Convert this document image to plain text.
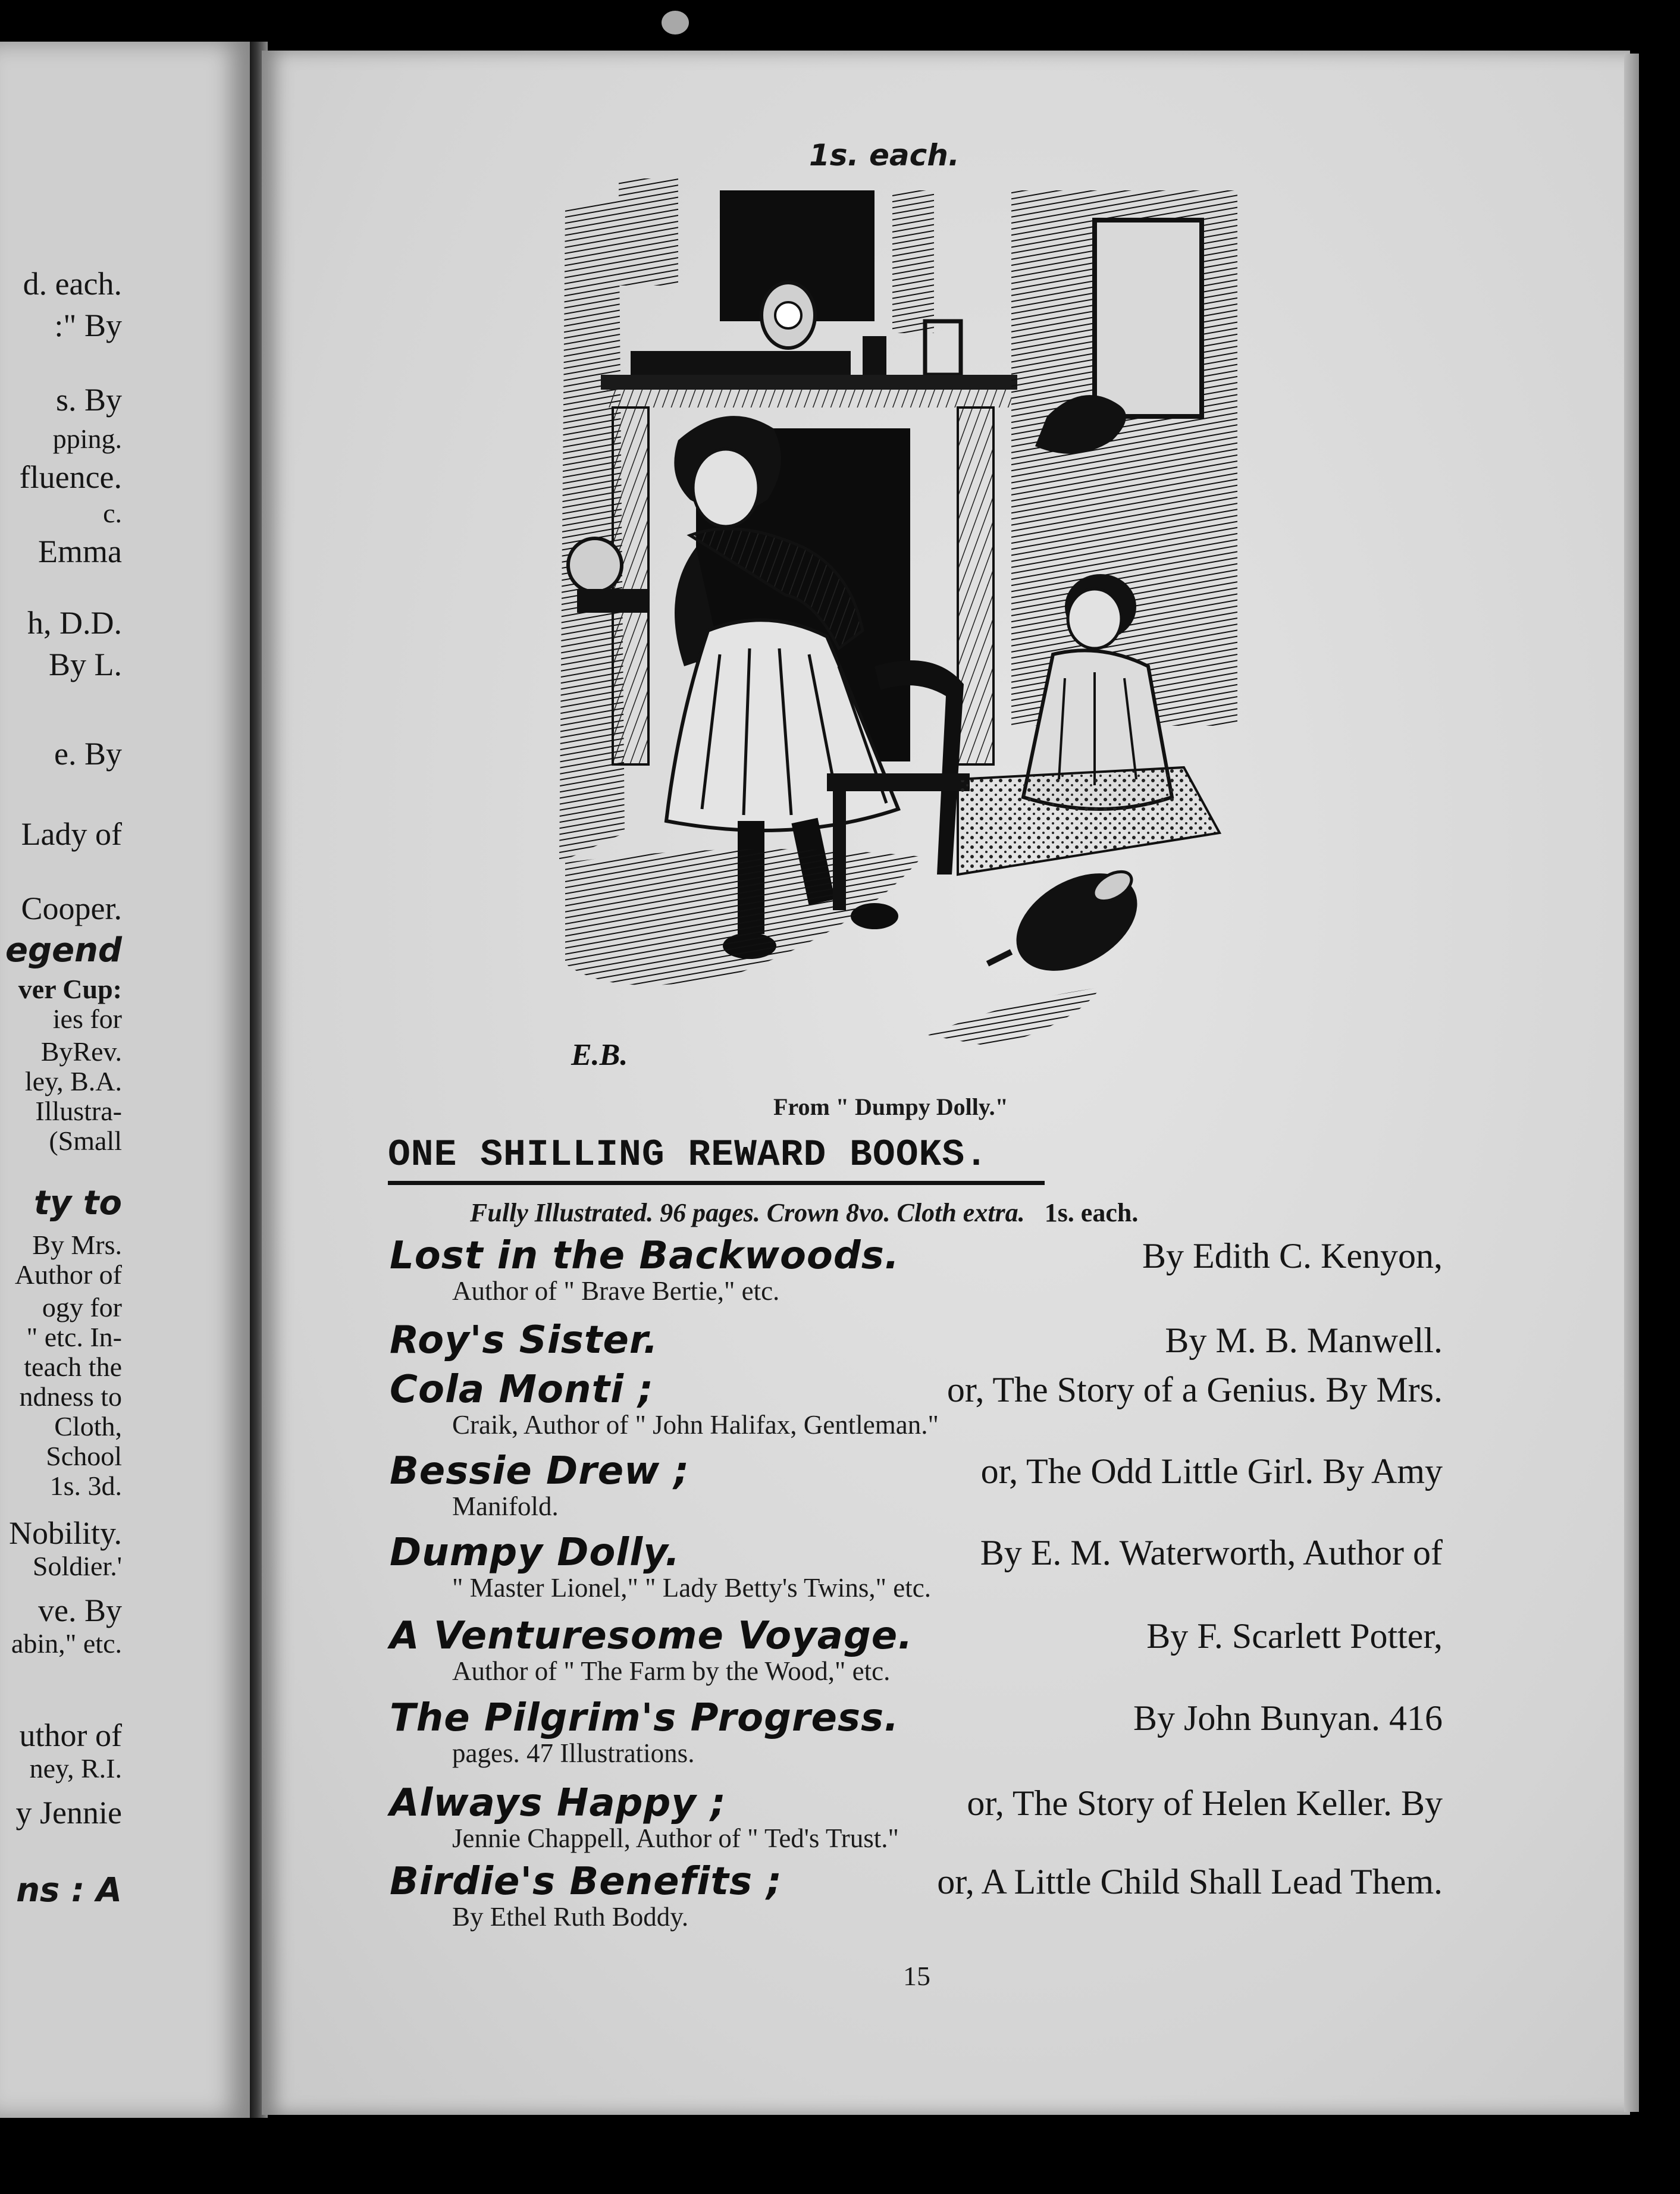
d. each.
:" By
s. By
pping.
fluence.
c.
Emma
h, D.D.
By L.
e. By
Lady of
Cooper.
egend
ver Cup:
ies for
ByRev.
ley, B.A.
Illustra-
(Small
ty to
By Mrs.
Author of
ogy for
" etc. In-
teach the
ndness to
Cloth,
School
1s. 3d.
Nobility.
Soldier.'
ve. By
abin," etc.
uthor of
ney, R.I.
y Jennie
ns : A
1s. each.
E.B.
From " Dumpy Dolly."
ONE SHILLING REWARD BOOKS.
Fully Illustrated. 96 pages. Crown 8vo. Cloth extra. 1s. each.
Lost in the Backwoods.	By Edith C. Kenyon,
Author of " Brave Bertie," etc.
Roy's Sister.	By M. B. Manwell.
Cola Monti ;	or, The Story of a Genius. By Mrs.
Craik, Author of " John Halifax, Gentleman."
Bessie Drew ;	or, The Odd Little Girl. By Amy
Manifold.
Dumpy Dolly.	By E. M. Waterworth, Author of
" Master Lionel," " Lady Betty's Twins," etc.
A Venturesome Voyage.	By F. Scarlett Potter,
Author of " The Farm by the Wood," etc.
The Pilgrim's Progress.	By John Bunyan. 416
pages. 47 Illustrations.
Always Happy ;	or, The Story of Helen Keller. By
Jennie Chappell, Author of " Ted's Trust."
Birdie's Benefits ;	or, A Little Child Shall Lead Them.
By Ethel Ruth Boddy.
15
